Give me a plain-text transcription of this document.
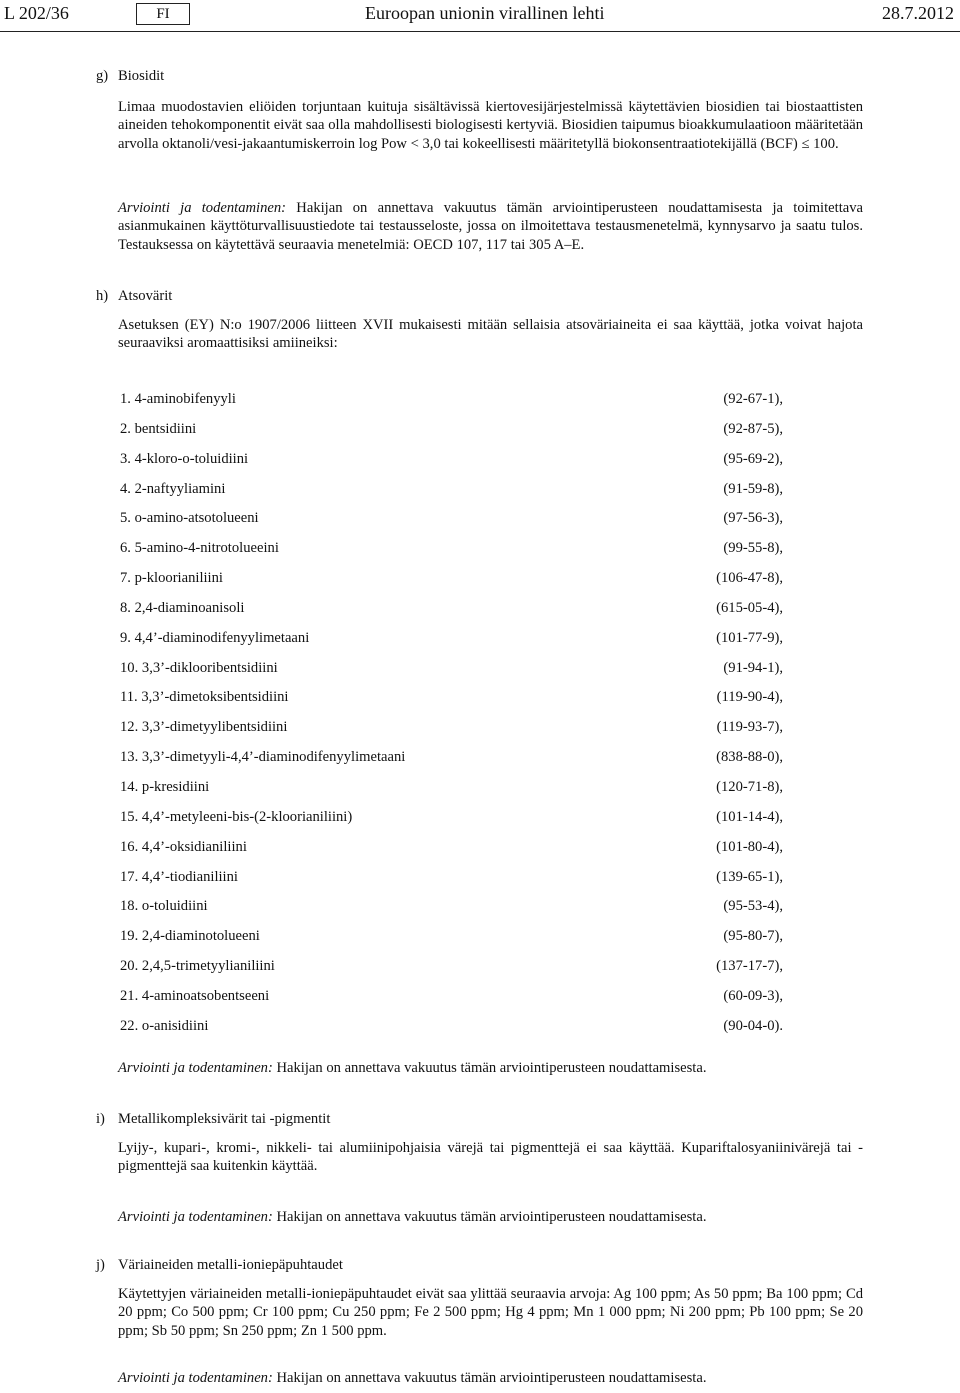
L 202/36	FI	Euroopan unionin virallinen lehti	28.7.2012
g) Biosidit
Limaa muodostavien eliöiden torjuntaan kuituja sisältävissä kiertovesijärjestelmissä käytettävien biosidien tai biostaattisten aineiden tehokomponentit eivät saa olla mahdollisesti biologisesti kertyviä. Biosidien taipumus bioakkumulaatioon määritetään arvolla oktanoli/vesi-jakaantumiskerroin log Pow < 3,0 tai kokeellisesti määritetyllä biokonsentraatiotekijällä (BCF) ≤ 100.
Arviointi ja todentaminen: Hakijan on annettava vakuutus tämän arviointiperusteen noudattamisesta ja toimitettava asianmukainen käyttöturvallisuustiedote tai testausseloste, jossa on ilmoitettava testausmenetelmä, kynnysarvo ja saatu tulos. Testauksessa on käytettävä seuraavia menetelmiä: OECD 107, 117 tai 305 A–E.
h) Atsovärit
Asetuksen (EY) N:o 1907/2006 liitteen XVII mukaisesti mitään sellaisia atsoväriaineita ei saa käyttää, jotka voivat hajota seuraaviksi aromaattisiksi amiineiksi:
1. 4-aminobifenyyli	(92-67-1),
2. bentsidiini	(92-87-5),
3. 4-kloro-o-toluidiini	(95-69-2),
4. 2-naftyyliamini	(91-59-8),
5. o-amino-atsotolueeni	(97-56-3),
6. 5-amino-4-nitrotolueeini	(99-55-8),
7. p-kloorianiliini	(106-47-8),
8. 2,4-diaminoanisoli	(615-05-4),
9. 4,4’-diaminodifenyylimetaani	(101-77-9),
10. 3,3’-diklooribentsidiini	(91-94-1),
11. 3,3’-dimetoksibentsidiini	(119-90-4),
12. 3,3’-dimetyylibentsidiini	(119-93-7),
13. 3,3’-dimetyyli-4,4’-diaminodifenyylimetaani	(838-88-0),
14. p-kresidiini	(120-71-8),
15. 4,4’-metyleeni-bis-(2-kloorianiliini)	(101-14-4),
16. 4,4’-oksidianiliini	(101-80-4),
17. 4,4’-tiodianiliini	(139-65-1),
18. o-toluidiini	(95-53-4),
19. 2,4-diaminotolueeni	(95-80-7),
20. 2,4,5-trimetyylianiliini	(137-17-7),
21. 4-aminoatsobentseeni	(60-09-3),
22. o-anisidiini	(90-04-0).
Arviointi ja todentaminen: Hakijan on annettava vakuutus tämän arviointiperusteen noudattamisesta.
i) Metallikompleksivärit tai -pigmentit
Lyijy-, kupari-, kromi-, nikkeli- tai alumiinipohjaisia värejä tai pigmenttejä ei saa käyttää. Kupariftalosyaniinivärejä tai -pigmenttejä saa kuitenkin käyttää.
Arviointi ja todentaminen: Hakijan on annettava vakuutus tämän arviointiperusteen noudattamisesta.
j) Väriaineiden metalli-ioniepäpuhtaudet
Käytettyjen väriaineiden metalli-ioniepäpuhtaudet eivät saa ylittää seuraavia arvoja: Ag 100 ppm; As 50 ppm; Ba 100 ppm; Cd 20 ppm; Co 500 ppm; Cr 100 ppm; Cu 250 ppm; Fe 2 500 ppm; Hg 4 ppm; Mn 1 000 ppm; Ni 200 ppm; Pb 100 ppm; Se 20 ppm; Sb 50 ppm; Sn 250 ppm; Zn 1 500 ppm.
Arviointi ja todentaminen: Hakijan on annettava vakuutus tämän arviointiperusteen noudattamisesta.
